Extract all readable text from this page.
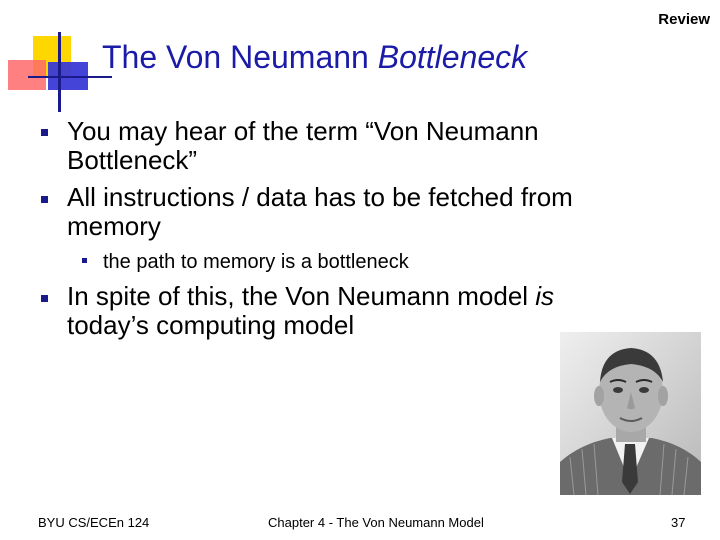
Review
The Von Neumann Bottleneck
You may hear of the term “Von Neumann
Bottleneck”
All instructions / data has to be fetched from
memory
the path to memory is a bottleneck
In spite of this, the Von Neumann model is
today’s computing model
BYU CS/ECEn 124	Chapter 4 - The Von Neumann Model	37
